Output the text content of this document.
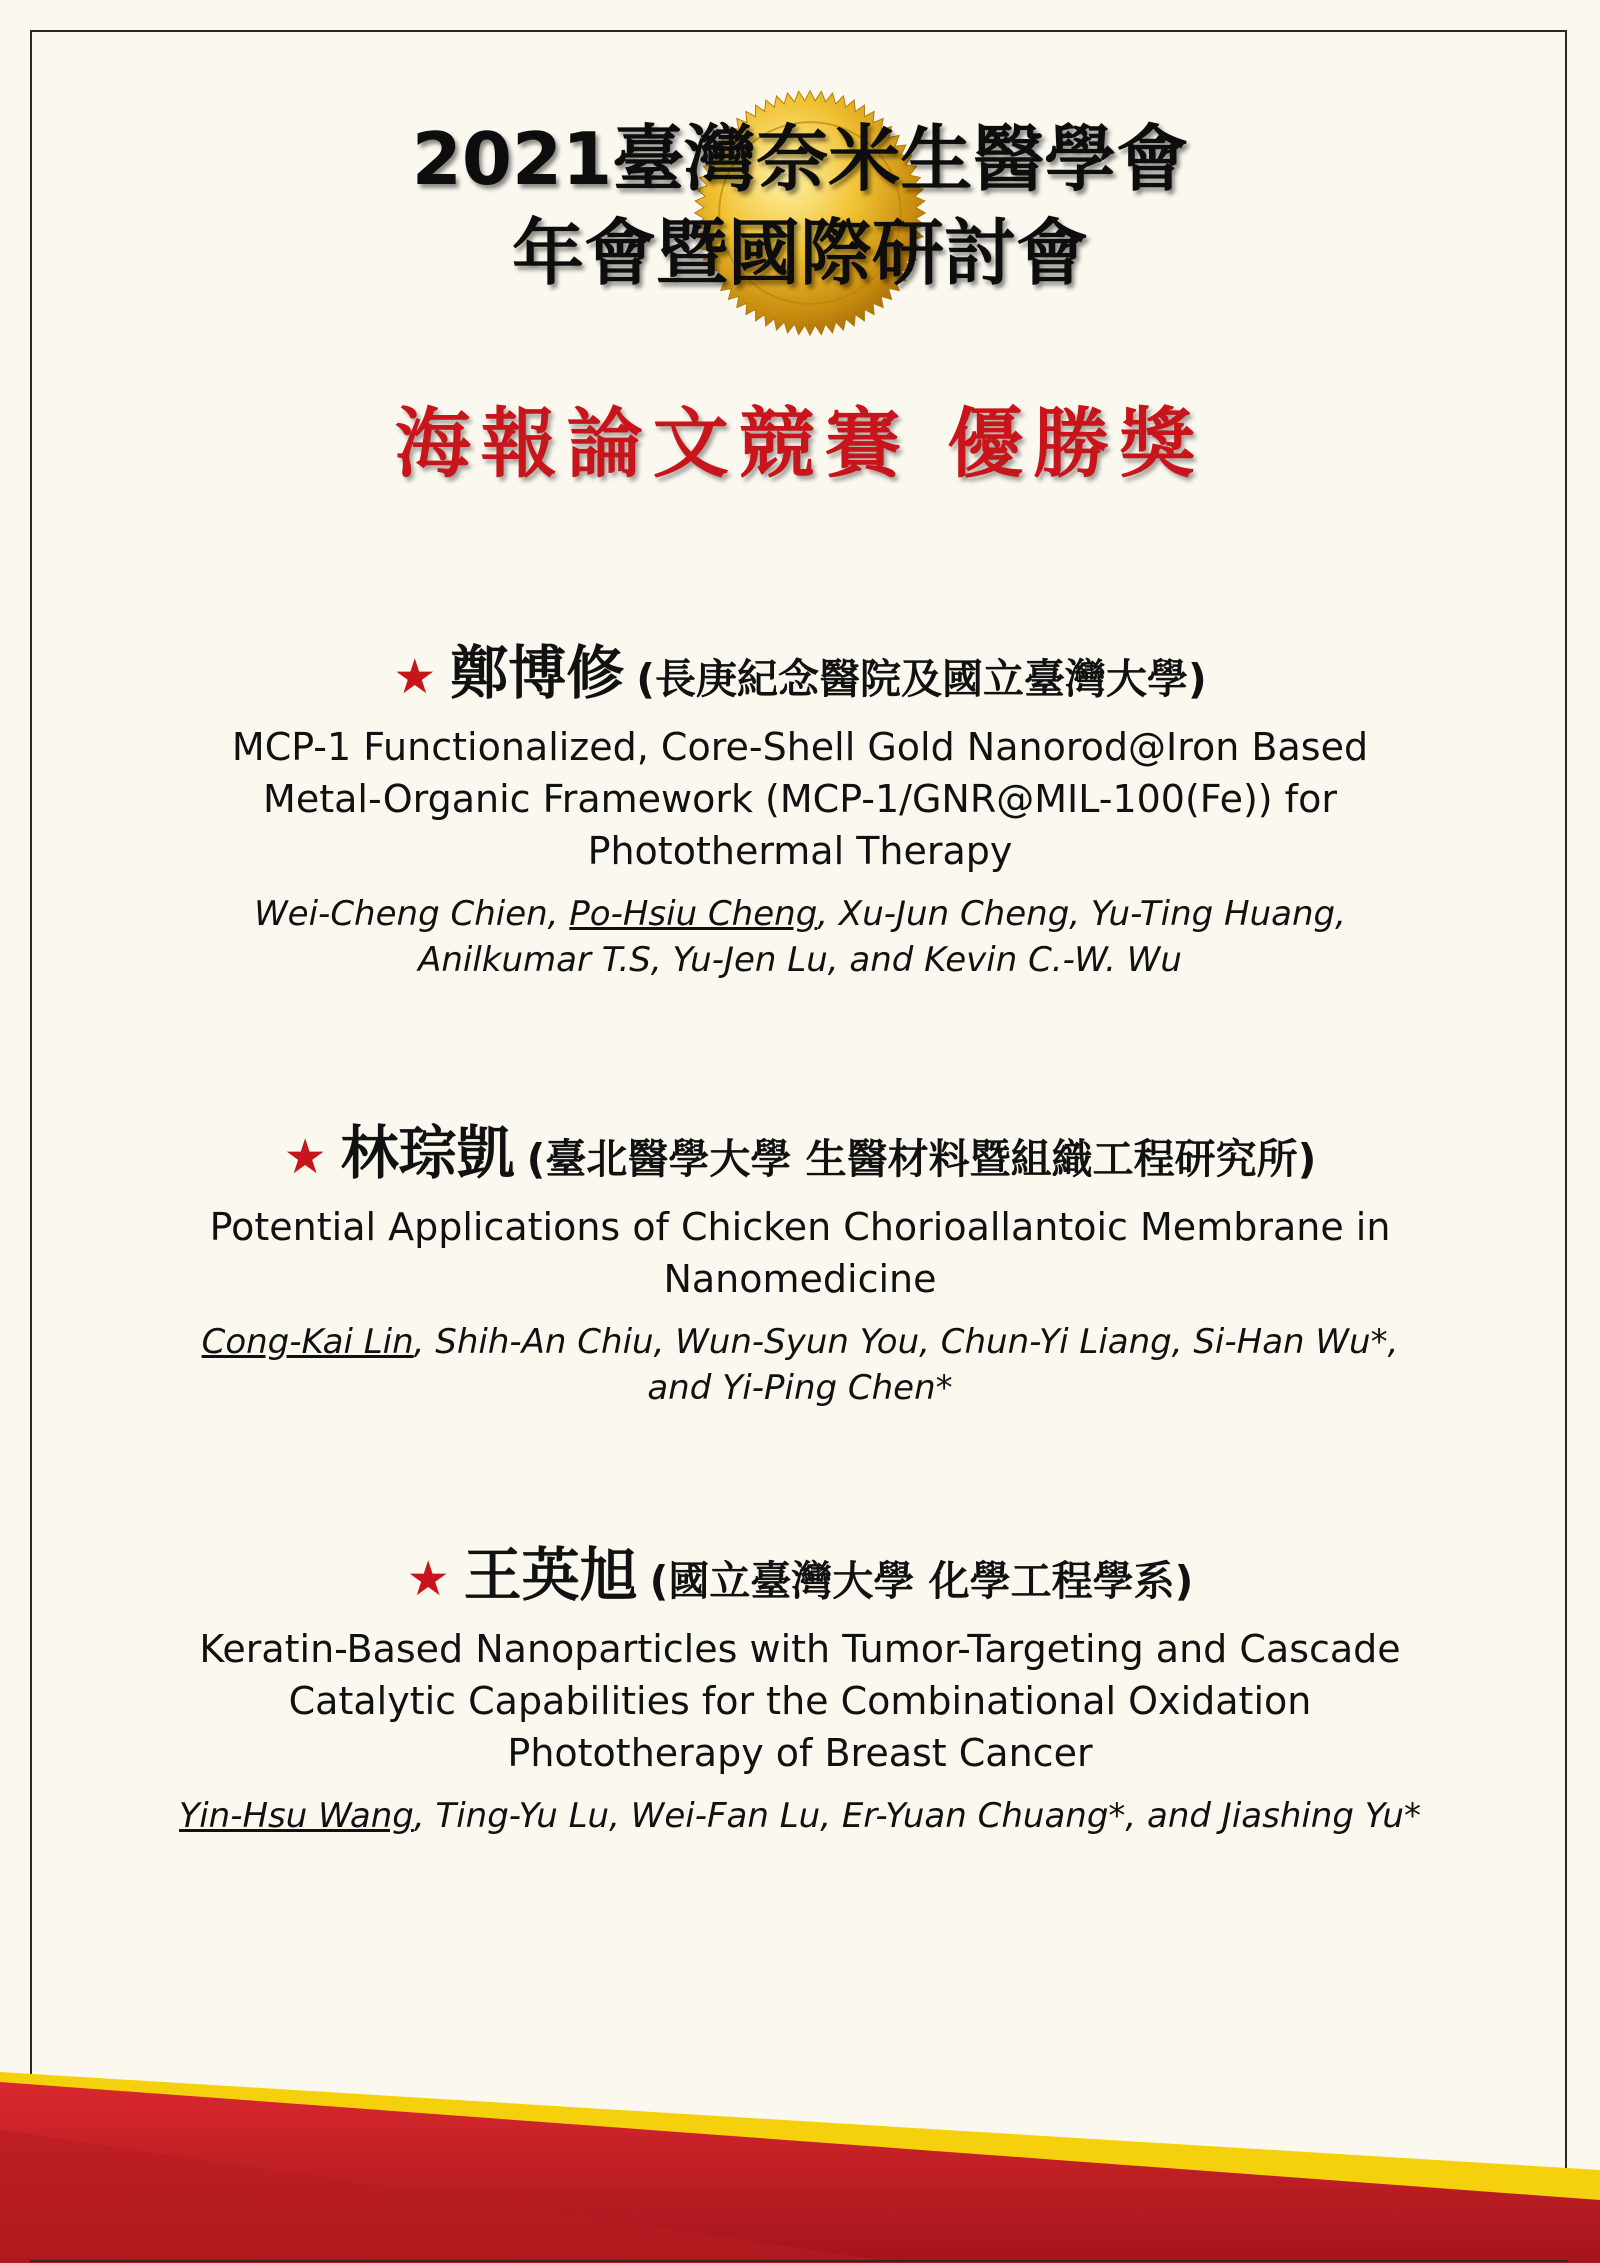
2021臺灣奈米生醫學會
年會暨國際研討會
海報論文競賽 優勝獎
★ 鄭博修 (長庚紀念醫院及國立臺灣大學)
MCP-1 Functionalized, Core-Shell Gold Nanorod@Iron Based
Metal-Organic Framework (MCP-1/GNR@MIL-100(Fe)) for
Photothermal Therapy
Wei-Cheng Chien, Po-Hsiu Cheng, Xu-Jun Cheng, Yu-Ting Huang,
Anilkumar T.S, Yu-Jen Lu, and Kevin C.-W. Wu
★ 林琮凱 (臺北醫學大學 生醫材料暨組織工程研究所)
Potential Applications of Chicken Chorioallantoic Membrane in
Nanomedicine
Cong-Kai Lin, Shih-An Chiu, Wun-Syun You, Chun-Yi Liang, Si-Han Wu*,
and Yi-Ping Chen*
★ 王英旭 (國立臺灣大學 化學工程學系)
Keratin-Based Nanoparticles with Tumor-Targeting and Cascade
Catalytic Capabilities for the Combinational Oxidation
Phototherapy of Breast Cancer
Yin-Hsu Wang, Ting-Yu Lu, Wei-Fan Lu, Er-Yuan Chuang*, and Jiashing Yu*
